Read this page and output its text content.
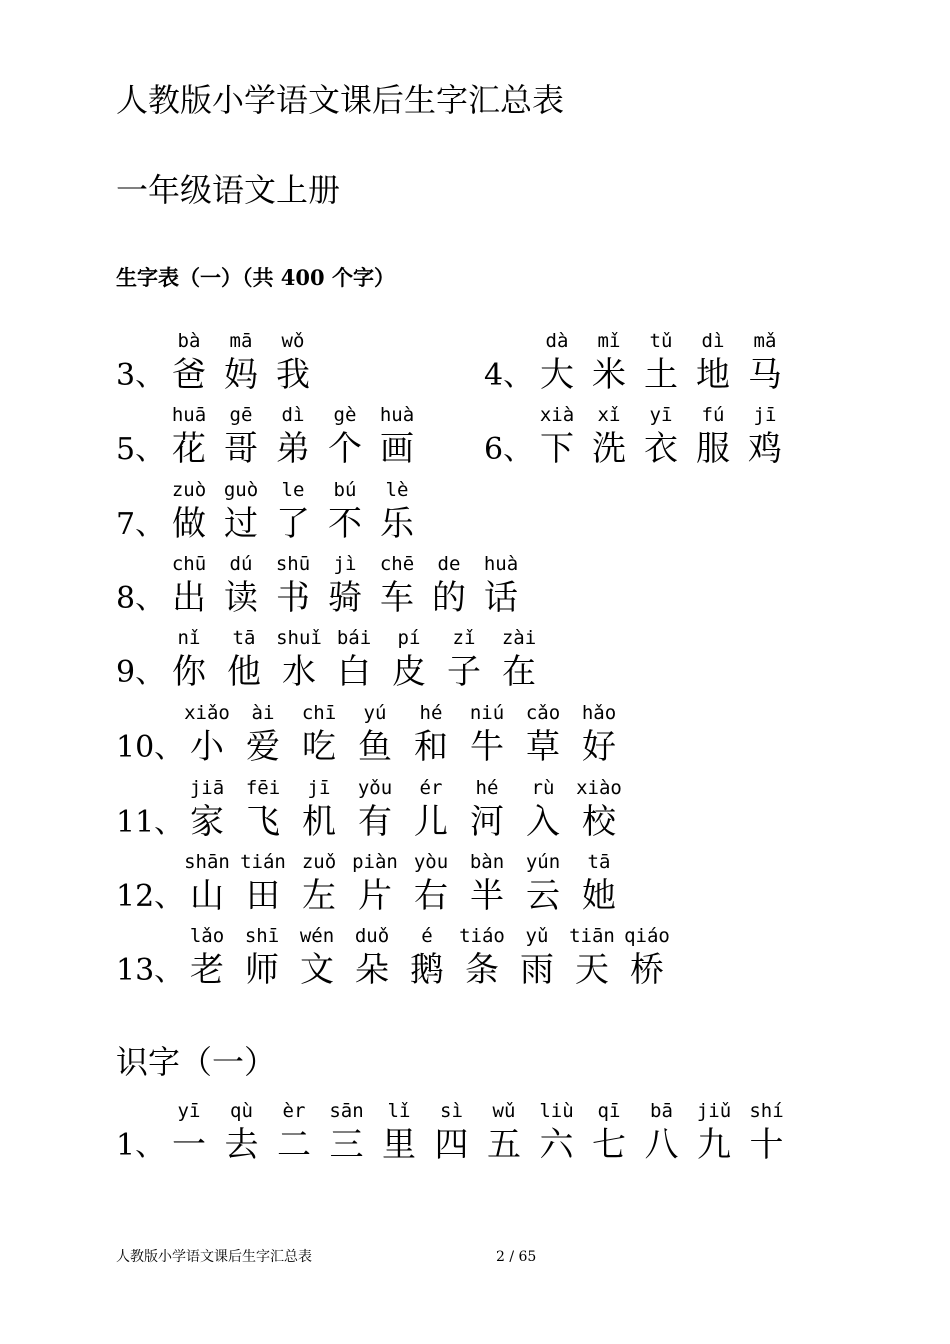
人教版小学语文课后生字汇总表
一年级语文上册
生字表（一）（共 400 个字）
识字（一）
3、
bà
爸
mā
妈
wǒ
我	4、
dà
大
mǐ
米
tǔ
土
dì
地
mǎ
马
5、
huā
花
gē
哥
dì
弟
gè
个
huà
画 6、
xià
下
xǐ
洗
yī
衣
fú
服
jī
鸡
7、
zuò
做
guò
过
le
了
bú
不
lè
乐
8、
chū
出
dú
读
shū
书
jì
骑
chē
车
de
的
huà
话
9、
nǐ
你
tā
他
shuǐ
水
bái
白
pí
皮
zǐ
子
zài
在
10、
xiǎo
小
ài
爱
chī
吃
yú
鱼
hé
和
niú
牛
cǎo
草
hǎo
好
11、
jiā
家
fēi
飞
jī
机
yǒu
有
ér
儿
hé
河
rù
入
xiào
校
12、
shān
山
tián
田
zuǒ
左
piàn
片
yòu
右
bàn
半
yún
云
tā
她
13、
lǎo
老
shī
师
wén
文
duǒ
朵
é
鹅
tiáo
条
yǔ
雨
tiān
天
qiáo
桥
1、
yī
一
qù
去
èr
二
sān
三
lǐ
里
sì
四
wǔ
五
liù
六
qī
七
bā
八
jiǔ
九
shí
十
人教版小学语文课后生字汇总表	2 / 65
